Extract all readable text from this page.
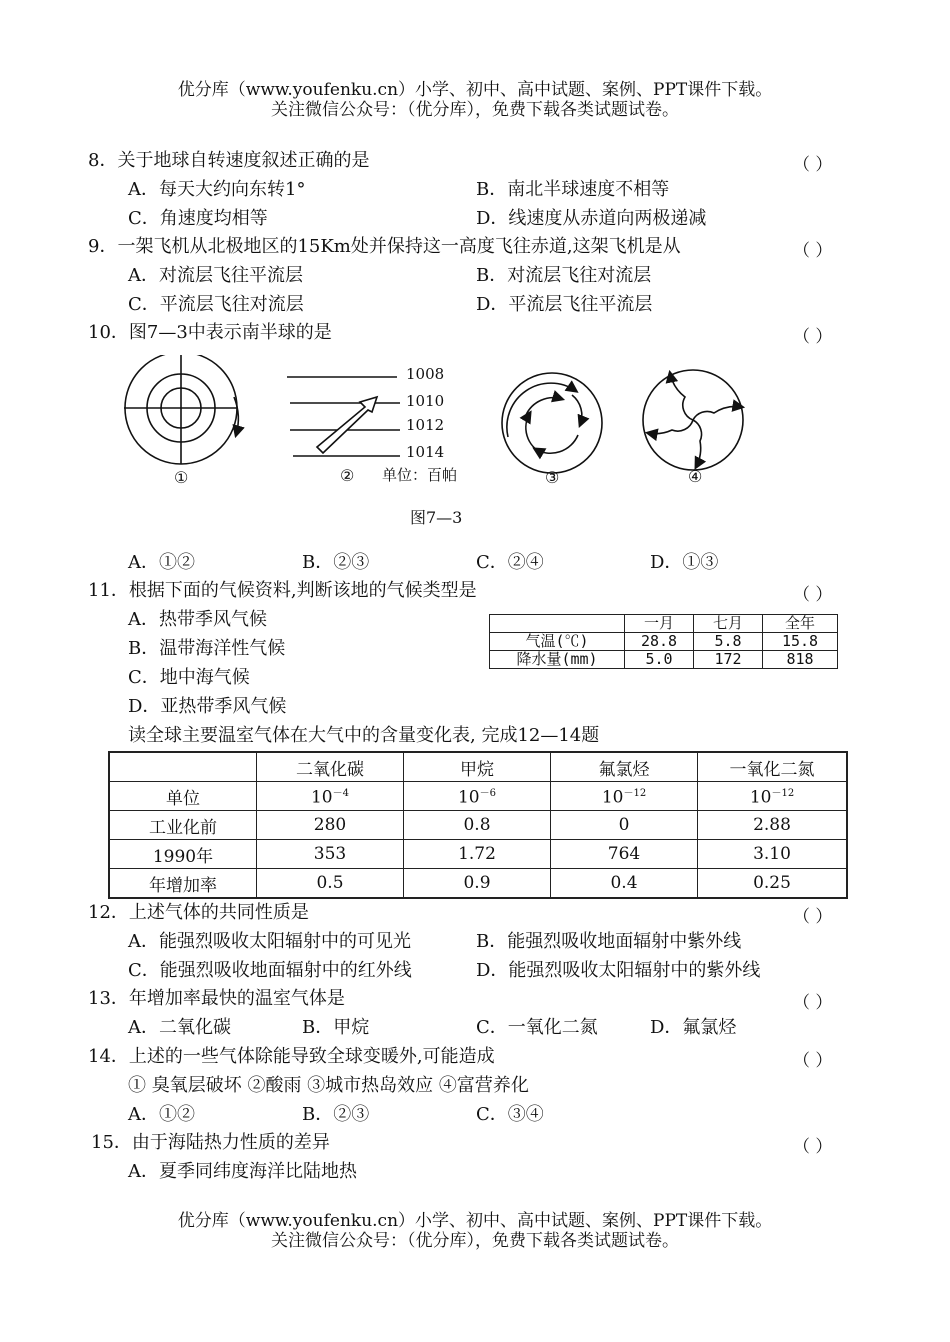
优分库（www.youfenku.cn）小学、初中、高中试题、案例、PPT课件下载。
关注微信公众号：（优分库），免费下载各类试题试卷。
8．关于地球自转速度叙述正确的是	（ ）
A．每天大约向东转1°	B．南北半球速度不相等
C．角速度均相等	D．线速度从赤道向两极递减
9．一架飞机从北极地区的15Km处并保持这一高度飞往赤道,这架飞机是从	（ ）
A．对流层飞往平流层	B．对流层飞往对流层
C．平流层飞往对流层	D．平流层飞往平流层
10．图7—3中表示南半球的是	（ ）
1008
1010
1012
1014
单位：百帕
①	②	③	④
图7—3
A．①②	B．②③	C．②④	D．①③
11．根据下面的气候资料,判断该地的气候类型是	（ ）
A．热带季风气候
B．温带海洋性气候
C．地中海气候
D．亚热带季风气候
	一月	七月	全年
气温(℃)	28.8	5.8	15.8
降水量(mm)	5.0	172	818
读全球主要温室气体在大气中的含量变化表, 完成12—14题
	二氧化碳	甲烷	氟氯烃	一氧化二氮
单位	$10^{-4}$	$10^{-6}$	$10^{-12}$	$10^{-12}$
工业化前	280	0.8	0	2.88
1990年	353	1.72	764	3.10
年增加率	0.5	0.9	0.4	0.25
12．上述气体的共同性质是	（ ）
A．能强烈吸收太阳辐射中的可见光	B．能强烈吸收地面辐射中紫外线
C．能强烈吸收地面辐射中的红外线	D．能强烈吸收太阳辐射中的紫外线
13．年增加率最快的温室气体是	（ ）
A．二氧化碳	B．甲烷	C．一氧化二氮	D．氟氯烃
14．上述的一些气体除能导致全球变暖外,可能造成	（ ）
① 臭氧层破坏 ②酸雨 ③城市热岛效应 ④富营养化
A．①②	B．②③	C．③④
15．由于海陆热力性质的差异	（ ）
A．夏季同纬度海洋比陆地热
优分库（www.youfenku.cn）小学、初中、高中试题、案例、PPT课件下载。
关注微信公众号：（优分库），免费下载各类试题试卷。
